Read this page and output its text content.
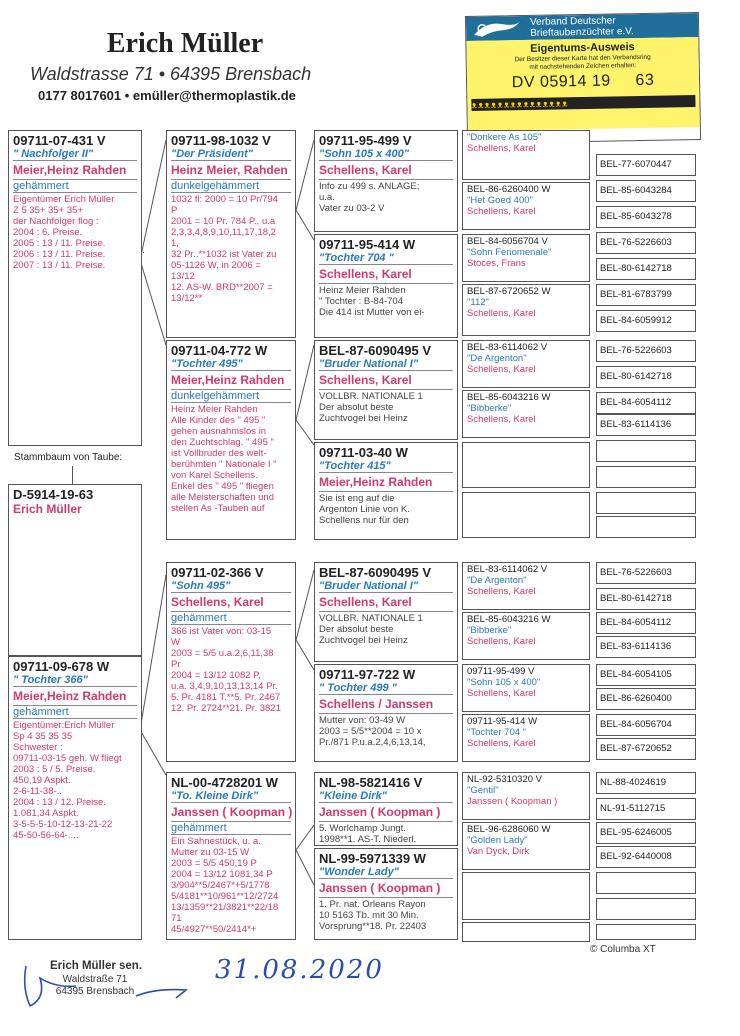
Erich Müller
Waldstrasse 71 • 64395 Brensbach
0177 8017601 • emüller@thermoplastik.de
Verband Deutscher
Brieftaubenzüchter e.V.
Eigentums-Ausweis
Der Besitzer dieser Karte hat den Verbandsring
mit nachstehenden Zeichen erhalten:
DV 05914 19     63
ᴥᴥᴥᴥᴥᴥᴥᴥᴥᴥᴥᴥᴥᴥᴥ
09711-07-431 V
" Nachfolger II"
Meier,Heinz Rahden
gehämmert
Eigentümer Erich Müller
Z 5 35+ 35+ 35+
der Nachfolger flog :
2004 : 6. Preise.
2005 : 13 / 11. Preise.
2006 : 13 / 11. Preise.
2007 : 13 / 11. Preise.
Stammbaum von Taube:
D-5914-19-63
Erich Müller
09711-09-678 W
" Tochter 366"
Meier,Heinz Rahden
gehämmert
Eigentümer:Erich Müller
Sp 4 35 35 35
Schwester :
09711-03-15 geh. W fliegt
2003 : 5 / 5. Preise.
450,19 Aspkt.
2-6-11-38-..
2004 : 13 / 12. Preise.
1.081,34 Aspkt.
3-5-5-5-10-12-13-21-22
45-50-56-64-....
09711-98-1032 V
"Der Präsident"
Heinz Meier, Rahden
dunkelgehämmert
1032 fl: 2000 = 10 Pr/794
P
2001 = 10 Pr. 784 P., u.a
2,3,3,4,8,9,10,11,17,18,2
1,
32 Pr..**1032 ist Vater zu
05-1126 W, in 2006 =
13/12
12. AS-W. BRD**2007 =
13/12**
09711-04-772 W
"Tochter 495"
Meier,Heinz Rahden
dunkelgehämmert
Heinz Meier Rahden
Alle Kinder des " 495 "
gehen ausnahmslos in
den Zuchtschlag. " 495 "
ist Vollbruder des welt-
berühmten " Nationale I "
von Karel Schellens.
Enkel des " 495 " fliegen
alle Meisterschaften und
stellen As -Tauben auf
09711-02-366 V
"Sohn 495"
Schellens, Karel
gehämmert
366 ist Vater von: 03-15
W
2003 = 5/5 u.a.2,6,11,38
Pr
2004 = 13/12 1082 P,
u.a. 3,4,9,10,13,13,14 Pr.
5. Pr. 4181 T.**5. Pr. 2467
12. Pr. 2724**21. Pr. 3821
NL-00-4728201 W
"To. Kleine Dirk"
Janssen ( Koopman )
gehämmert
Ein Sahnestück, u. a.
Mutter zu 03-15 W
2003 = 5/5 450,19 P
2004 = 13/12 1081,34 P
3/904**5/2467*+5/1778
5/4181**10/961**12/2724
13/1359**21/3821**22/18
71
45/4927**50/2414*+
09711-95-499 V
"Sohn 105 x 400"
Schellens, Karel
Info zu 499 s. ANLAGE;
u.a.
Vater zu 03-2 V
09711-95-414 W
"Tochter 704 "
Schellens, Karel
Heinz Meier Rahden
" Tochter : B-84-704
Die 414 ist Mutter von ei-
BEL-87-6090495 V
"Bruder National I"
Schellens, Karel
VOLLBR. NATIONALE 1
Der absolut beste
Zuchtvogel bei Heinz
09711-03-40 W
"Tochter 415"
Meier,Heinz Rahden
Sie ist eng auf die
Argenton Linie von K.
Schellens nur für den
BEL-87-6090495 V
"Bruder National I"
Schellens, Karel
VOLLBR. NATIONALE 1
Der absolut beste
Zuchtvogel bei Heinz
09711-97-722 W
" Tochter 499 "
Schellens / Janssen
Mutter von: 03-49 W
2003 = 5/5**2004 = 10 x
Pr./871 P.u.a.2,4,6,13,14,
NL-98-5821416 V
"Kleine Dirk"
Janssen ( Koopman )
5. Worlchamp Jungt.
1998**1. AS-T. Niederl.

NL-99-5971339 W
"Wonder Lady"
Janssen ( Koopman )
1. Pr. nat. Orleans Rayon
10 5163 Tb. mit 30 Min.
Vorsprung**18. Pr. 22403
"Donkere As 105"
Schellens, Karel
BEL-86-6260400 W
"Het Goed 400"
Schellens, Karel
BEL-84-6056704 V
"Sohn Fenomenale"
Stoces, Frans
BEL-87-6720652 W
"112"
Schellens, Karel
BEL-83-6114062 V
"De Argenton"
Schellens, Karel
BEL-85-6043216 W
"Bibberke"
Schellens, Karel
BEL-83-6114062 V
"De Argenton"
Schellens, Karel
BEL-85-6043216 W
"Bibberke"
Schellens, Karel
09711-95-499 V
"Sohn 105 x 400"
Schellens, Karel
09711-95-414 W
"Tochter 704 "
Schellens, Karel
NL-92-5310320 V
"Gentil"
Janssen ( Koopman )
BEL-96-6286060 W
"Golden Lady"
Van Dyck, Dirk
BEL-77-6070447
BEL-85-6043284
BEL-85-6043278
BEL-76-5226603
BEL-80-6142718
BEL-81-6783799
BEL-84-6059912
BEL-76-5226603
BEL-80-6142718
BEL-84-6054112
BEL-83-6114136
BEL-76-5226603
BEL-80-6142718
BEL-84-6054112
BEL-83-6114136
BEL-84-6054105
BEL-86-6260400
BEL-84-6056704
BEL-87-6720652
NL-88-4024619
NL-91-5112715
BEL-95-6246005
BEL-92-6440008
Erich Müller sen.
Waldstraße 71
64395 Brensbach
31.08.2020
© Columba XT
